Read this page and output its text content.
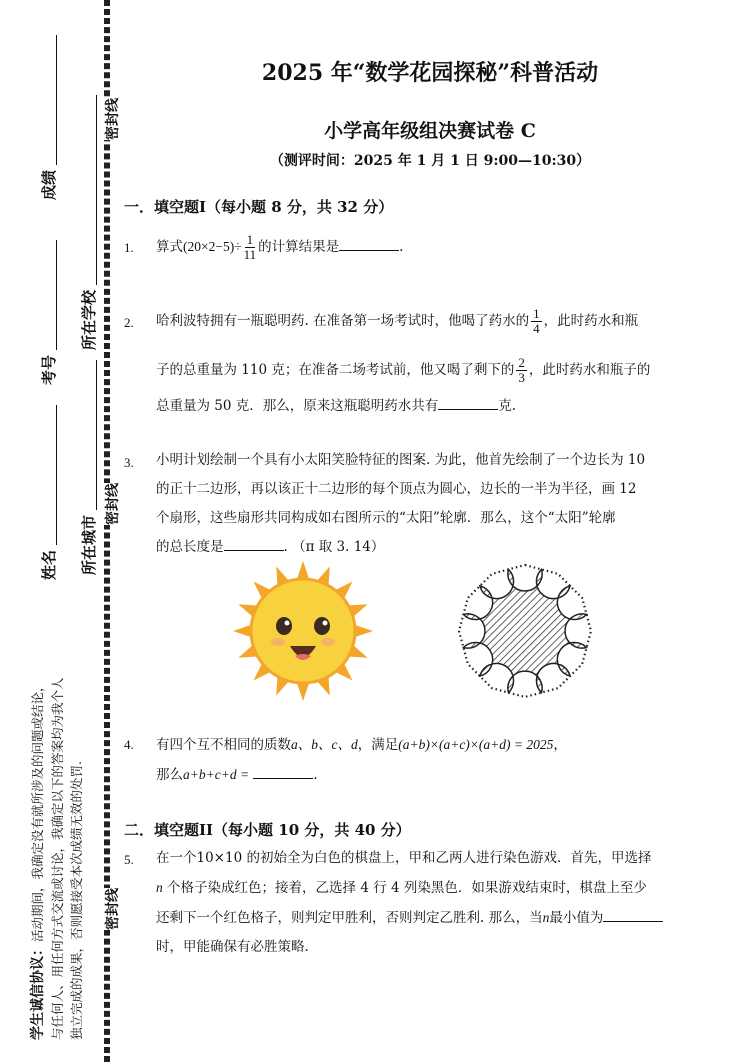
密封线
密封线
密封线
成绩
考号
姓名
所在学校
所在城市
学生诚信协议：活动期间，我确定没有就所涉及的问题或结论， 与任何人、用任何方式交流或讨论，我确定以下的答案均为我个人 独立完成的成果，否则愿接受本次成绩无效的处罚.
2025 年“数学花园探秘”科普活动
小学高年级组决赛试卷 C
（测评时间：2025 年 1 月 1 日 9:00—10:30）
一．填空题I（每小题 8 分，共 32 分）
1. 算式$(20\times 2-5)\div \frac{1}{11}$ 的计算结果是	.
2. 哈利波特拥有一瓶聪明药. 在准备第一场考试时，他喝了药水的 $\frac{1}{4}$ ，此时药水和瓶
子的总重量为 110 克；在准备二场考试前，他又喝了剩下的 $\frac{2}{3}$ ，此时药水和瓶子的
总重量为 50 克．那么，原来这瓶聪明药水共有	克.
3. 小明计划绘制一个具有小太阳笑脸特征的图案. 为此，他首先绘制了一个边长为 10
的正十二边形，再以该正十二边形的每个顶点为圆心，边长的一半为半径，画 12
个扇形，这些扇形共同构成如右图所示的“太阳”轮廓．那么，这个“太阳”轮廓
的总长度是	. （π 取 3. 14）
4. 有四个互不相同的质数a、b、c、d，满足(a+b)×(a+c)×(a+d) = 2025，
那么a+b+c+d =	.
二．填空题II（每小题 10 分，共 40 分）
5. 在一个10×10 的初始全为白色的棋盘上，甲和乙两人进行染色游戏．首先，甲选择
n 个格子染成红色；接着，乙选择 4 行 4 列染黑色．如果游戏结束时，棋盘上至少
还剩下一个红色格子，则判定甲胜利，否则判定乙胜利. 那么，当n最小值为
时，甲能确保有必胜策略.
